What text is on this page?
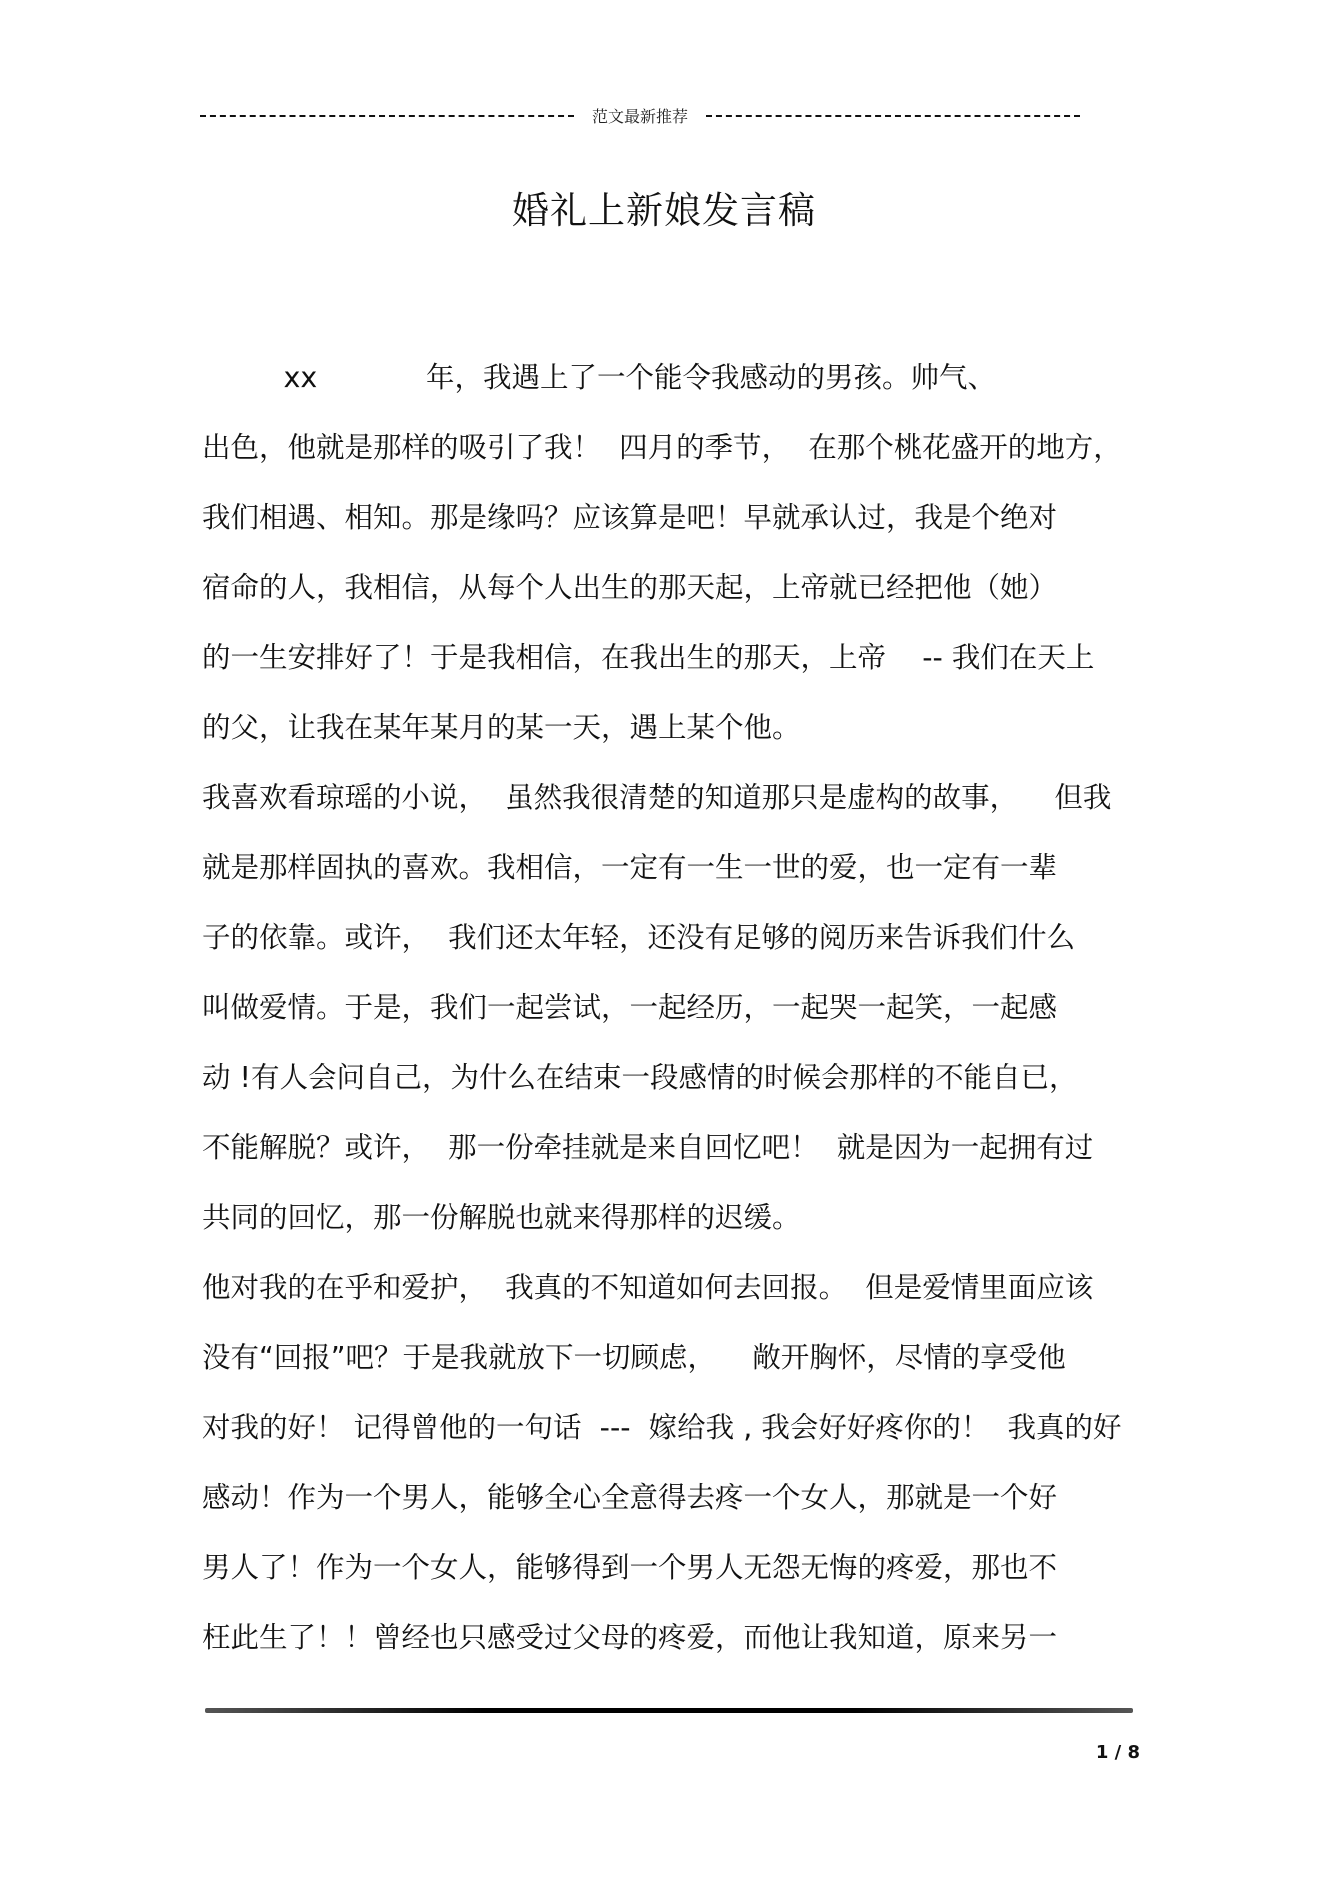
范文最新推荐
婚礼上新娘发言稿
xx            年，我遇上了一个能令我感动的男孩。帅气、
出色，他就是那样的吸引了我！  四月的季节，  在那个桃花盛开的地方，
我们相遇、相知。那是缘吗？应该算是吧！早就承认过，我是个绝对
宿命的人，我相信，从每个人出生的那天起，上帝就已经把他（她）
的一生安排好了！于是我相信，在我出生的那天，上帝    -- 我们在天上
的父，让我在某年某月的某一天，遇上某个他。
我喜欢看琼瑶的小说，  虽然我很清楚的知道那只是虚构的故事，    但我
就是那样固执的喜欢。我相信，一定有一生一世的爱，也一定有一辈
子的依靠。或许，  我们还太年轻，还没有足够的阅历来告诉我们什么
叫做爱情。于是，我们一起尝试，一起经历，一起哭一起笑，一起感
动 !有人会问自己，为什么在结束一段感情的时候会那样的不能自已，
不能解脱？或许，  那一份牵挂就是来自回忆吧！  就是因为一起拥有过
共同的回忆，那一份解脱也就来得那样的迟缓。
他对我的在乎和爱护，  我真的不知道如何去回报。  但是爱情里面应该
没有“回报”吧？于是我就放下一切顾虑，    敞开胸怀，尽情的享受他
对我的好！ 记得曾他的一句话  ---  嫁给我 , 我会好好疼你的！  我真的好
感动！作为一个男人，能够全心全意得去疼一个女人，那就是一个好
男人了！作为一个女人，能够得到一个男人无怨无悔的疼爱，那也不
枉此生了！！曾经也只感受过父母的疼爱，而他让我知道，原来另一
1 / 8
